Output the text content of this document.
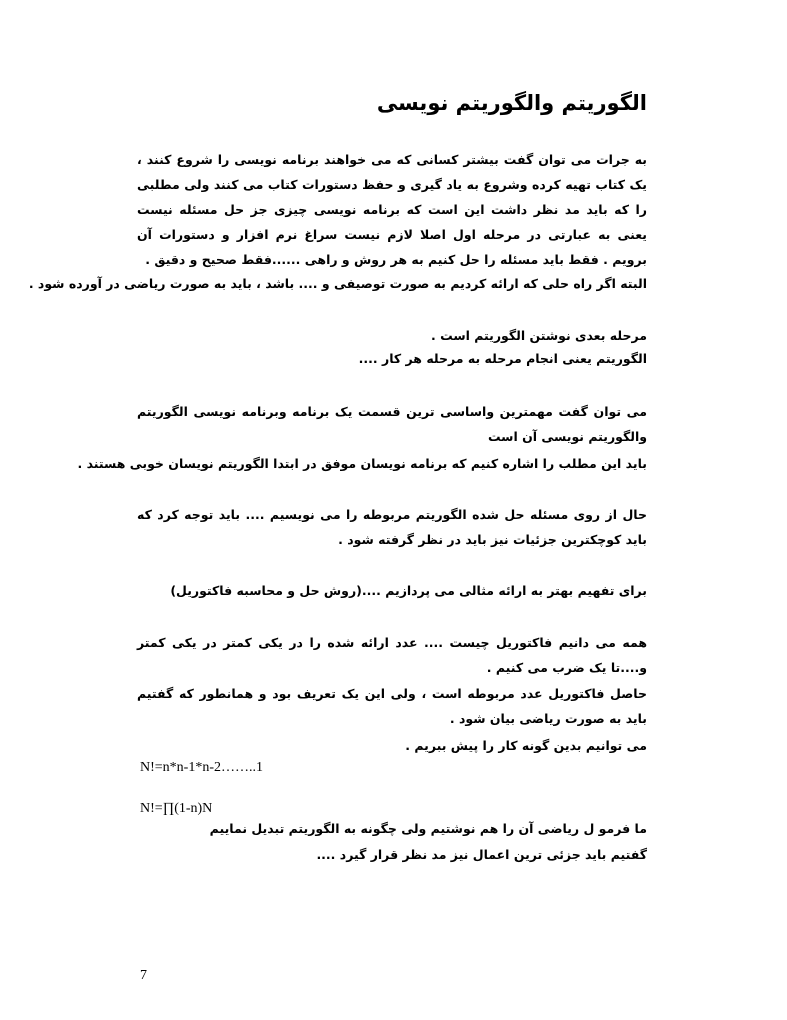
الگوریتم والگوریتم نویسی

به جرات می توان گفت بیشتر کسانی که می خواهند برنامه نویسی را شروع کنند ، یک کتاب تهیه کرده وشروع به یاد گیری و حفظ دستورات کتاب می کنند ولی مطلبی را که باید مد نظر داشت این است که برنامه نویسی چیزی جز حل مسئله نیست یعنی به عبارتی در مرحله اول اصلا لازم نیست سراغ نرم افزار و دستورات آن برویم . فقط باید مسئله را حل کنیم به هر روش و راهی ......فقط صحیح و دقیق .

البته اگر راه حلی که ارائه کردیم به صورت توصیفی و .... باشد ، باید به صورت ریاضی در آورده شود .

مرحله بعدی نوشتن الگوریتم است .

الگوریتم یعنی انجام مرحله به مرحله هر کار ....

می توان گفت مهمترین واساسی ترین قسمت یک برنامه وبرنامه نویسی الگوریتم والگوریتم نویسی آن است

باید این مطلب را اشاره کنیم که برنامه نویسان موفق در ابتدا الگوریتم نویسان خوبی هستند .

حال از روی مسئله حل شده الگوریتم مربوطه را می نویسیم .... باید توجه کرد که باید کوچکترین جزئیات نیز باید در نظر گرفته شود .

برای تفهیم بهتر به ارائه مثالی می پردازیم ....(روش حل و محاسبه فاکتوریل)

همه می دانیم فاکتوریل چیست .... عدد ارائه شده را در یکی کمتر در یکی کمتر و....تا یک ضرب می کنیم .

حاصل فاکتوریل عدد مربوطه است ، ولی این یک تعریف بود و همانطور که گفتیم باید به صورت ریاضی بیان شود .

می توانیم بدین گونه کار را پیش ببریم .

N!=n*n-1*n-2……..1

N!=∏(1-n)N

ما فرمو ل ریاضی آن را هم نوشتیم ولی چگونه به الگوریتم تبدیل نماییم

گفتیم باید جزئی ترین اعمال نیز مد نظر قرار گیرد ....

7
